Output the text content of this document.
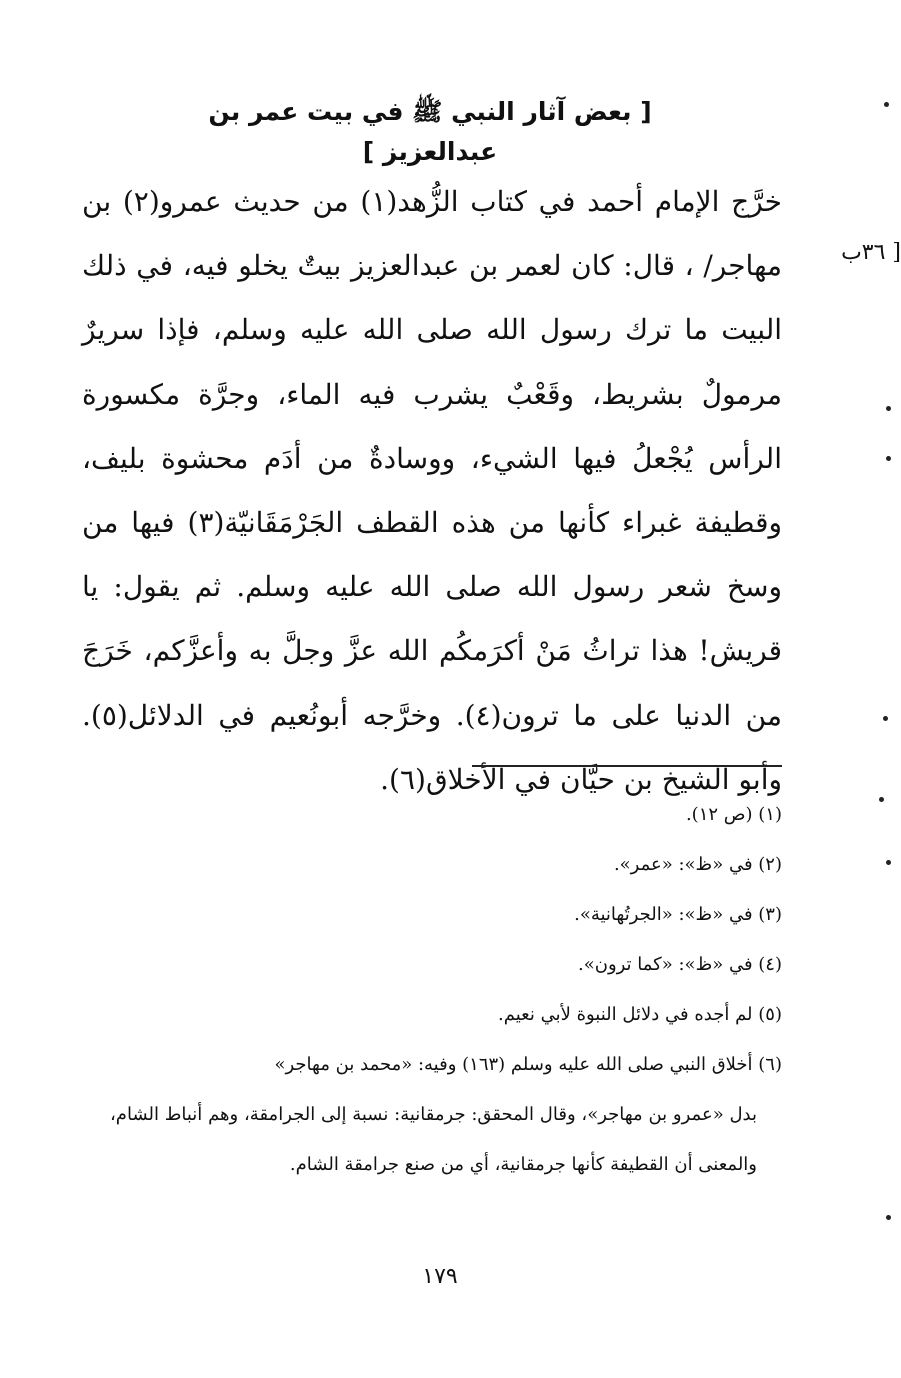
[ بعض آثار النبي ﷺ في بيت عمر بن عبدالعزيز ]
[ ٣٦ب

خرَّج الإمام أحمد في كتاب الزُّهد(١) من حديث عمرو(٢) بن مهاجر/ ، قال: كان لعمر بن عبدالعزيز بيتٌ يخلو فيه، في ذلك البيت ما ترك رسول الله صلى الله عليه وسلم، فإذا سريرٌ مرمولٌ بشريط، وقَعْبٌ يشرب فيه الماء، وجرَّة مكسورة الرأس يُجْعلُ فيها الشيء، ووسادةٌ من أدَم محشوة بليف، وقطيفة غبراء كأنها من هذه القطف الجَرْمَقَانيّة(٣) فيها من وسخ شعر رسول الله صلى الله عليه وسلم. ثم يقول: يا قريش! هذا تراثُ مَنْ أكرَمكُم الله عزَّ وجلَّ به وأعزَّكم، خَرَجَ من الدنيا على ما ترون(٤). وخرَّجه أبونُعيم في الدلائل(٥). وأبو الشيخ بن حيَّان في الأخلاق(٦).

(١) (ص ١٢).

(٢) في «ظ»: «عمر».

(٣) في «ظ»: «الجرتُهانية».

(٤) في «ظ»: «كما ترون».

(٥) لم أجده في دلائل النبوة لأبي نعيم.

(٦) أخلاق النبي صلى الله عليه وسلم (١٦٣) وفيه: «محمد بن مهاجر»

بدل «عمرو بن مهاجر»، وقال المحقق: جرمقانية: نسبة إلى الجرامقة، وهم أنباط الشام، والمعنى أن القطيفة كأنها جرمقانية، أي من صنع جرامقة الشام.

١٧٩
